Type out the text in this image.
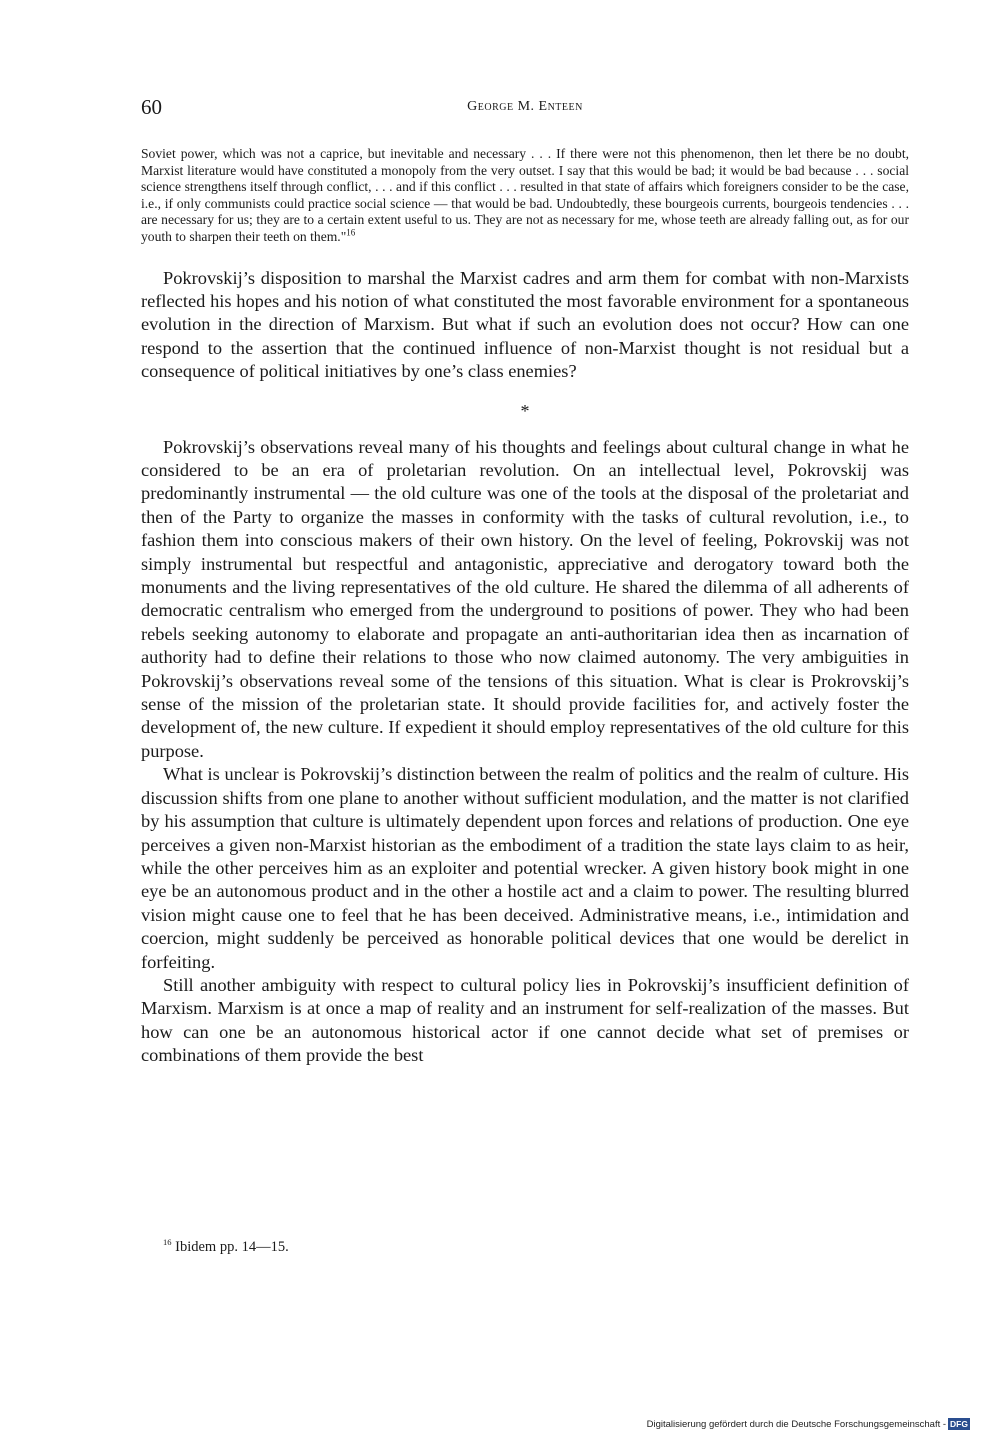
60	George M. Enteen

Soviet power, which was not a caprice, but inevitable and necessary . . . If there were not this phenomenon, then let there be no doubt, Marxist literature would have constituted a monopoly from the very outset. I say that this would be bad; it would be bad because . . . social science strengthens itself through conflict, . . . and if this conflict . . . resulted in that state of affairs which foreigners consider to be the case, i.e., if only communists could practice social science — that would be bad. Undoubtedly, these bourgeois currents, bourgeois tendencies . . . are necessary for us; they are to a certain extent useful to us. They are not as necessary for me, whose teeth are already falling out, as for our youth to sharpen their teeth on them."$^{16}$

Pokrovskij’s disposition to marshal the Marxist cadres and arm them for combat with non-Marxists reflected his hopes and his notion of what constituted the most favorable environment for a spontaneous evolution in the direction of Marxism. But what if such an evolution does not occur? How can one respond to the assertion that the continued influence of non-Marxist thought is not residual but a consequence of political initiatives by one’s class enemies?

*

Pokrovskij’s observations reveal many of his thoughts and feelings about cultural change in what he considered to be an era of proletarian revolution. On an intellectual level, Pokrovskij was predominantly instrumental — the old culture was one of the tools at the disposal of the proletariat and then of the Party to organize the masses in conformity with the tasks of cultural revolution, i.e., to fashion them into conscious makers of their own history. On the level of feeling, Pokrovskij was not simply instrumental but respectful and antagonistic, appreciative and derogatory toward both the monuments and the living representatives of the old culture. He shared the dilemma of all adherents of democratic centralism who emerged from the underground to positions of power. They who had been rebels seeking autonomy to elaborate and propagate an anti-authoritarian idea then as incarnation of authority had to define their relations to those who now claimed autonomy. The very ambiguities in Pokrovskij’s observations reveal some of the tensions of this situation. What is clear is Prokrovskij’s sense of the mission of the proletarian state. It should provide facilities for, and actively foster the development of, the new culture. If expedient it should employ representatives of the old culture for this purpose.

What is unclear is Pokrovskij’s distinction between the realm of politics and the realm of culture. His discussion shifts from one plane to another without sufficient modulation, and the matter is not clarified by his assumption that culture is ultimately dependent upon forces and relations of production. One eye perceives a given non-Marxist historian as the embodiment of a tradition the state lays claim to as heir, while the other perceives him as an exploiter and potential wrecker. A given history book might in one eye be an autonomous product and in the other a hostile act and a claim to power. The resulting blurred vision might cause one to feel that he has been deceived. Administrative means, i.e., intimidation and coercion, might suddenly be perceived as honorable political devices that one would be derelict in forfeiting.

Still another ambiguity with respect to cultural policy lies in Pokrovskij’s insufficient definition of Marxism. Marxism is at once a map of reality and an instrument for self-realization of the masses. But how can one be an autonomous historical actor if one cannot decide what set of premises or combinations of them provide the best

$^{16}$ Ibidem pp. 14—15.
Digitalisierung gefördert durch die Deutsche Forschungsgemeinschaft - DFG
